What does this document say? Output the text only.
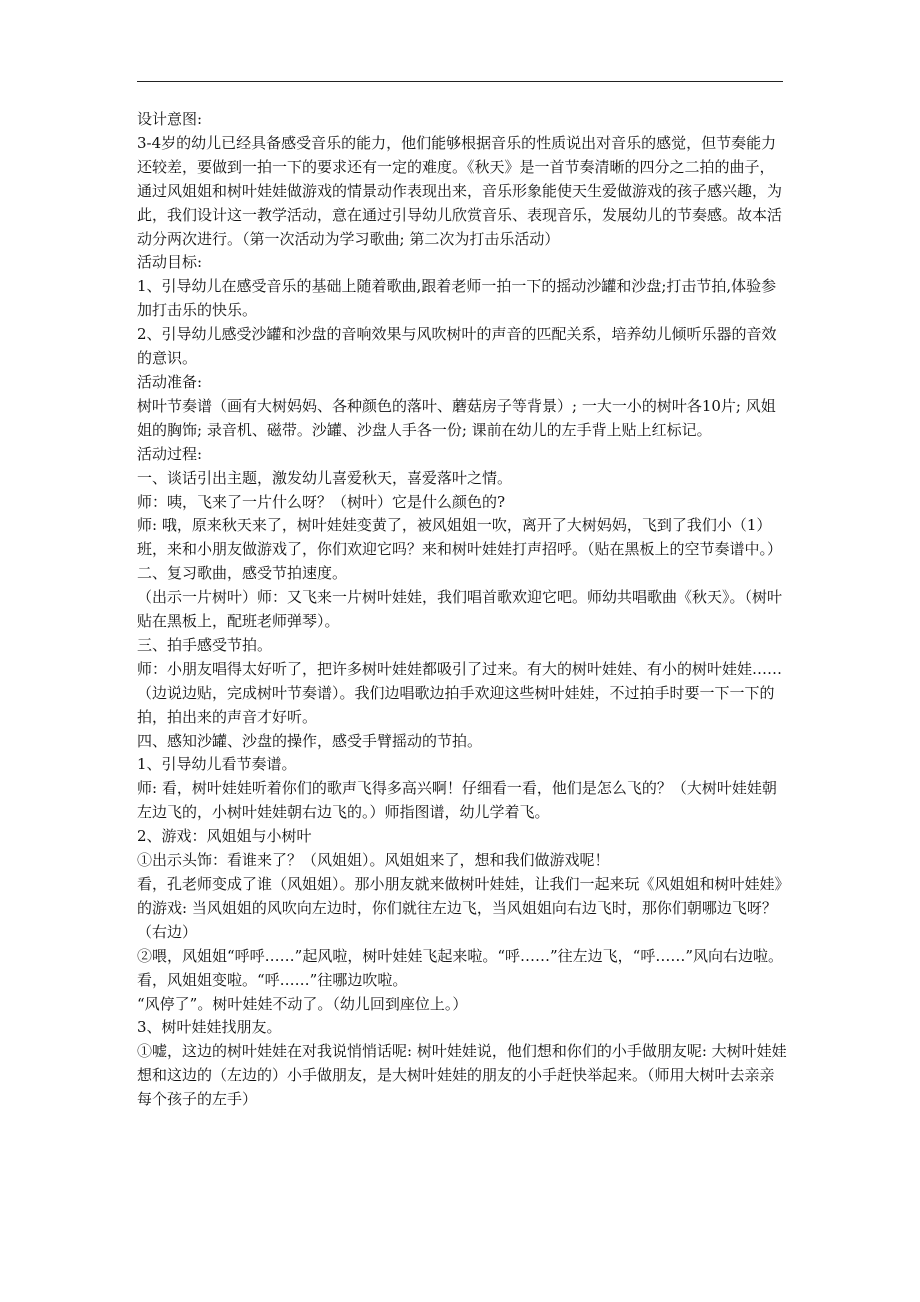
设计意图:

3-4岁的幼儿已经具备感受音乐的能力，他们能够根据音乐的性质说出对音乐的感觉，但节奏能力还较差，要做到一拍一下的要求还有一定的难度。《秋天》是一首节奏清晰的四分之二拍的曲子，通过风姐姐和树叶娃娃做游戏的情景动作表现出来，音乐形象能使天生爱做游戏的孩子感兴趣，为此，我们设计这一教学活动，意在通过引导幼儿欣赏音乐、表现音乐，发展幼儿的节奏感。故本活动分两次进行。（第一次活动为学习歌曲; 第二次为打击乐活动）

活动目标:

1、引导幼儿在感受音乐的基础上随着歌曲,跟着老师一拍一下的摇动沙罐和沙盘;打击节拍,体验参加打击乐的快乐。

2、引导幼儿感受沙罐和沙盘的音响效果与风吹树叶的声音的匹配关系，培养幼儿倾听乐器的音效的意识。

活动准备:

树叶节奏谱（画有大树妈妈、各种颜色的落叶、蘑菇房子等背景）; 一大一小的树叶各10片; 风姐姐的胸饰; 录音机、磁带。沙罐、沙盘人手各一份; 课前在幼儿的左手背上贴上红标记。

活动过程:

一、谈话引出主题，激发幼儿喜爱秋天，喜爱落叶之情。

师：咦，飞来了一片什么呀？（树叶）它是什么颜色的?

师: 哦，原来秋天来了，树叶娃娃变黄了，被风姐姐一吹，离开了大树妈妈，飞到了我们小（1）班，来和小朋友做游戏了，你们欢迎它吗？来和树叶娃娃打声招呼。（贴在黑板上的空节奏谱中。）

二、复习歌曲，感受节拍速度。

（出示一片树叶）师：又飞来一片树叶娃娃，我们唱首歌欢迎它吧。师幼共唱歌曲《秋天》。（树叶贴在黑板上，配班老师弹琴）。

三、拍手感受节拍。

师：小朋友唱得太好听了，把许多树叶娃娃都吸引了过来。有大的树叶娃娃、有小的树叶娃娃……（边说边贴，完成树叶节奏谱）。我们边唱歌边拍手欢迎这些树叶娃娃，不过拍手时要一下一下的拍，拍出来的声音才好听。

四、感知沙罐、沙盘的操作，感受手臂摇动的节拍。

1、引导幼儿看节奏谱。

师: 看，树叶娃娃听着你们的歌声飞得多高兴啊！仔细看一看，他们是怎么飞的？（大树叶娃娃朝左边飞的，小树叶娃娃朝右边飞的。）师指图谱，幼儿学着飞。

2、游戏：风姐姐与小树叶

①出示头饰：看谁来了？（风姐姐）。风姐姐来了，想和我们做游戏呢！

看，孔老师变成了谁（风姐姐）。那小朋友就来做树叶娃娃，让我们一起来玩《风姐姐和树叶娃娃》的游戏: 当风姐姐的风吹向左边时，你们就往左边飞，当风姐姐向右边飞时，那你们朝哪边飞呀？（右边）

②喂，风姐姐“呼呼……”起风啦，树叶娃娃飞起来啦。“呼……”往左边飞，“呼……”风向右边啦。

看，风姐姐变啦。“呼……”往哪边吹啦。

“风停了”。树叶娃娃不动了。（幼儿回到座位上。）

3、树叶娃娃找朋友。

①嘘，这边的树叶娃娃在对我说悄悄话呢: 树叶娃娃说，他们想和你们的小手做朋友呢: 大树叶娃娃想和这边的（左边的）小手做朋友，是大树叶娃娃的朋友的小手赶快举起来。（师用大树叶去亲亲每个孩子的左手）
